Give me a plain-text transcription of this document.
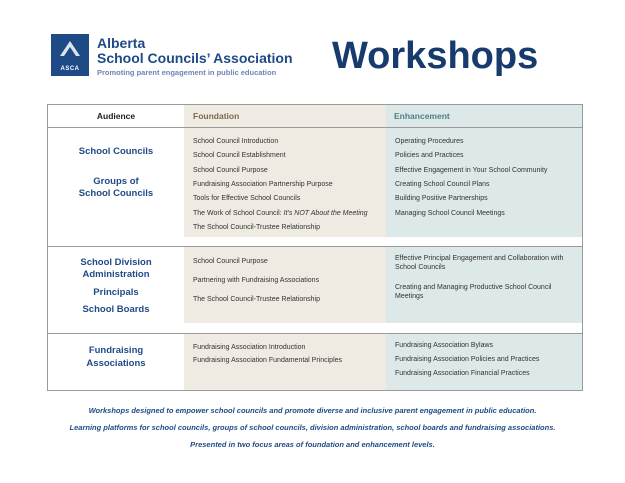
ASCA
Alberta
School Councils’ Association
Promoting parent engagement in public education Workshops
Audience	Foundation	Enhancement
School Councils
Groups of
School Councils
School Council Introduction
School Council Establishment
School Council Purpose
Fundraising Association Partnership Purpose
Tools for Effective School Councils
The Work of School Council: It’s NOT About the Meeting
The School Council-Trustee Relationship
Operating Procedures
Policies and Practices
Effective Engagement in Your School Community
Creating School Council Plans
Building Positive Partnerships
Managing School Council Meetings
School Division
Administration
Principals
School Boards
School Council Purpose
Partnering with Fundraising Associations
The School Council-Trustee Relationship
Effective Principal Engagement and Collaboration with School Councils
Creating and Managing Productive School Council Meetings
Fundraising
Associations
Fundraising Association Introduction
Fundraising Association Fundamental Principles
Fundraising Association Bylaws
Fundraising Association Policies and Practices
Fundraising Association Financial Practices
Workshops designed to empower school councils and promote diverse and inclusive parent engagement in public education.
Learning platforms for school councils, groups of school councils, division administration, school boards and fundraising associations.
Presented in two focus areas of foundation and enhancement levels.
